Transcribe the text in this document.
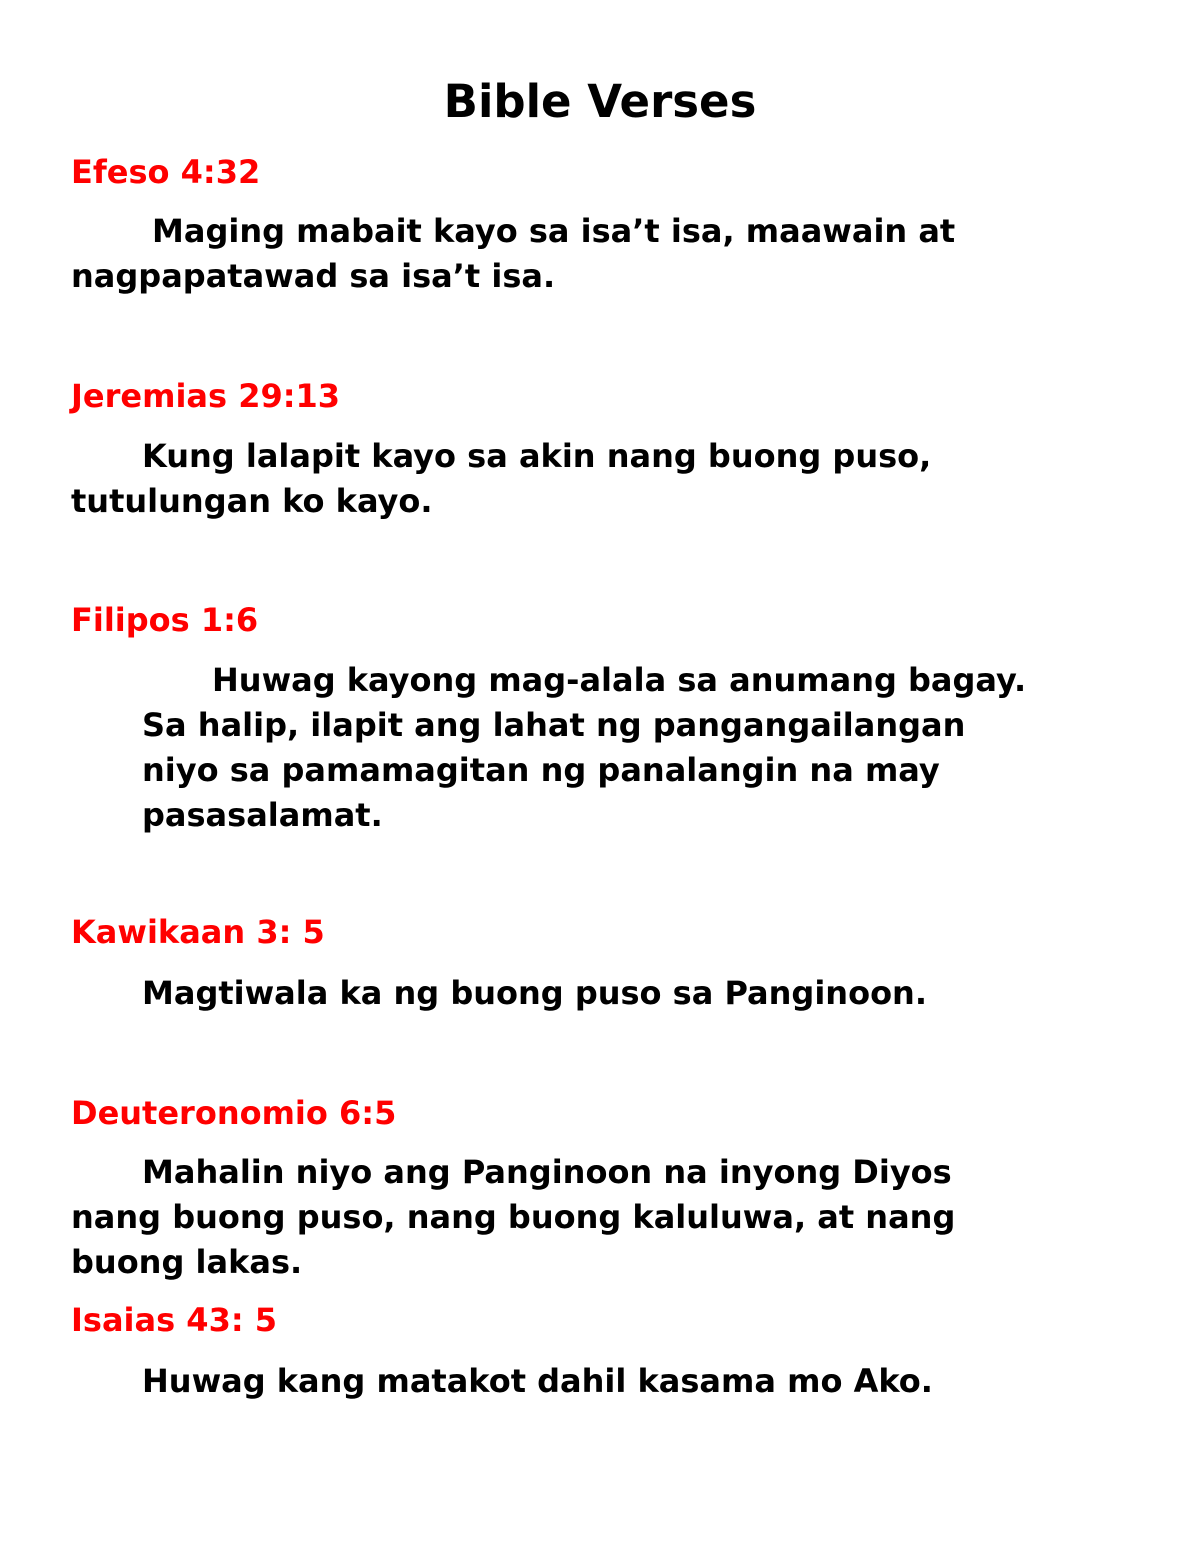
Bible Verses
Efeso 4:32
Maging mabait kayo sa isa’t isa, maawain at
nagpapatawad sa isa’t isa.
Jeremias 29:13
Kung lalapit kayo sa akin nang buong puso,
tutulungan ko kayo.
Filipos 1:6
Huwag kayong mag-alala sa anumang bagay.
Sa halip, ilapit ang lahat ng pangangailangan
niyo sa pamamagitan ng panalangin na may
pasasalamat.
Kawikaan 3: 5
Magtiwala ka ng buong puso sa Panginoon.
Deuteronomio 6:5
Mahalin niyo ang Panginoon na inyong Diyos
nang buong puso, nang buong kaluluwa, at nang
buong lakas.
Isaias 43: 5
Huwag kang matakot dahil kasama mo Ako.
